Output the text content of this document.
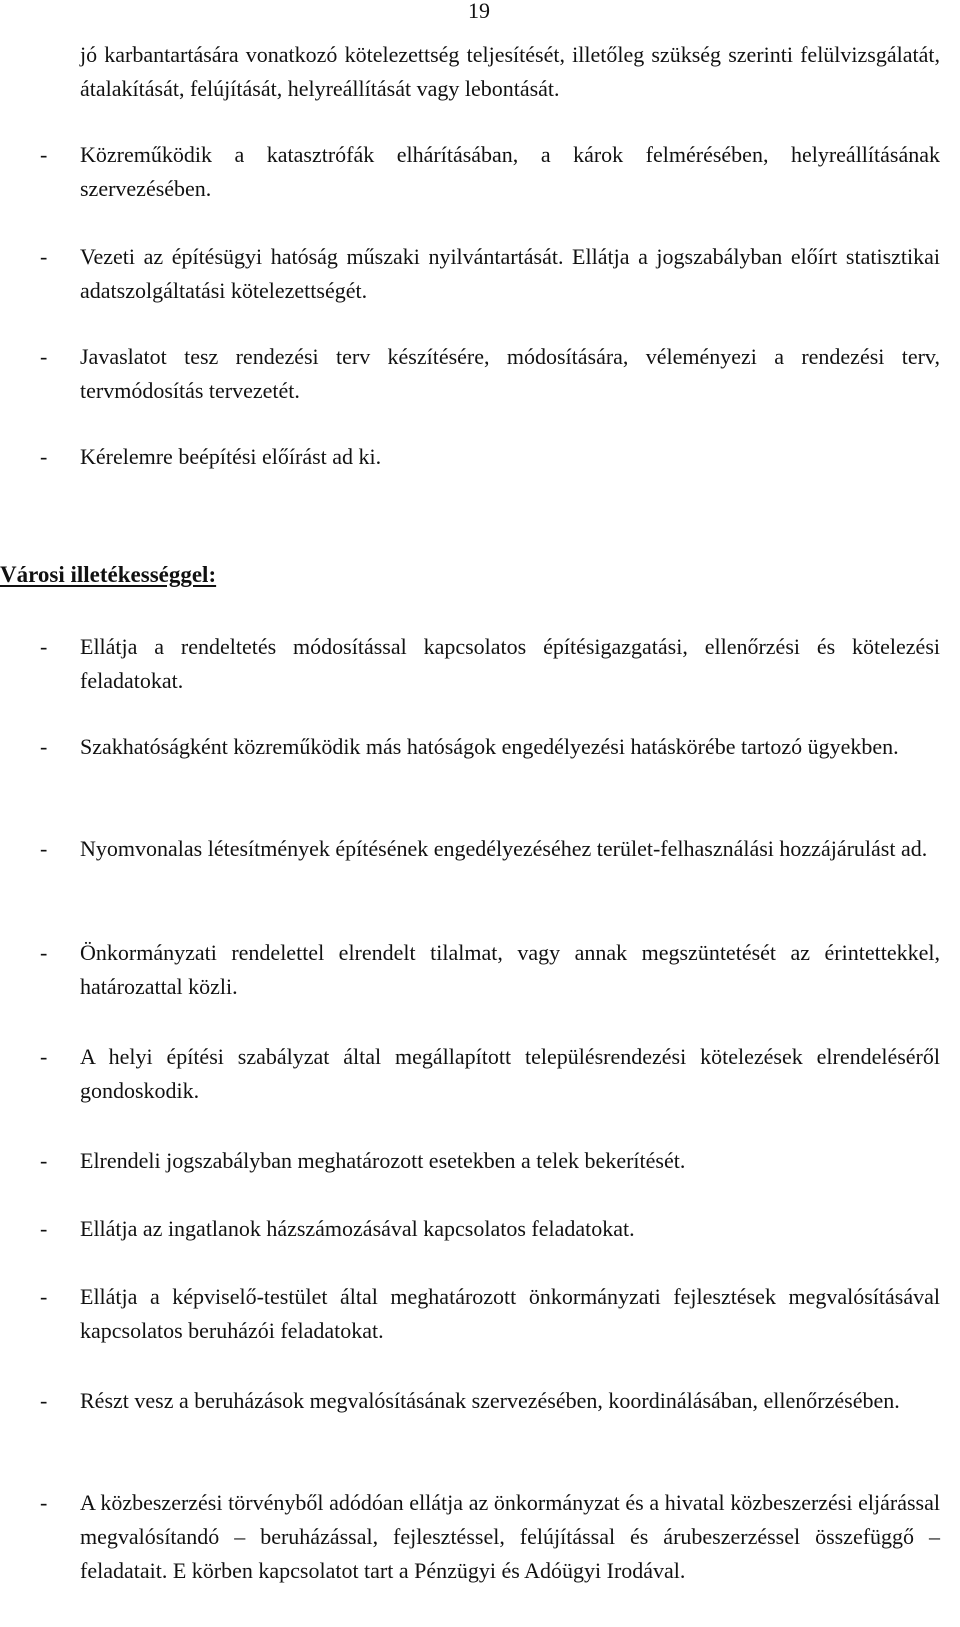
19
jó karbantartására vonatkozó kötelezettség teljesítését, illetőleg szükség szerinti felülvizsgálatát, átalakítását, felújítását, helyreállítását vagy lebontását.
- Közreműködik a katasztrófák elhárításában, a károk felmérésében, helyreállításának szervezésében.
- Vezeti az építésügyi hatóság műszaki nyilvántartását. Ellátja a jogszabályban előírt statisztikai adatszolgáltatási kötelezettségét.
- Javaslatot tesz rendezési terv készítésére, módosítására, véleményezi a rendezési terv, tervmódosítás tervezetét.
- Kérelemre beépítési előírást ad ki.
Városi illetékességgel:
- Ellátja a rendeltetés módosítással kapcsolatos építésigazgatási, ellenőrzési és kötelezési feladatokat.
- Szakhatóságként közreműködik más hatóságok engedélyezési hatáskörébe tartozó ügyekben.
- Nyomvonalas létesítmények építésének engedélyezéséhez terület-felhasználási hozzájárulást ad.
- Önkormányzati rendelettel elrendelt tilalmat, vagy annak megszüntetését az érintettekkel, határozattal közli.
- A helyi építési szabályzat által megállapított településrendezési kötelezések elrendeléséről gondoskodik.
- Elrendeli jogszabályban meghatározott esetekben a telek bekerítését.
- Ellátja az ingatlanok házszámozásával kapcsolatos feladatokat.
- Ellátja a képviselő-testület által meghatározott önkormányzati fejlesztések megvalósításával kapcsolatos beruházói feladatokat.
- Részt vesz a beruházások megvalósításának szervezésében, koordinálásában, ellenőrzésében.
- A közbeszerzési törvényből adódóan ellátja az önkormányzat és a hivatal közbeszerzési eljárással megvalósítandó – beruházással, fejlesztéssel, felújítással és árubeszerzéssel összefüggő – feladatait. E körben kapcsolatot tart a Pénzügyi és Adóügyi Irodával.
